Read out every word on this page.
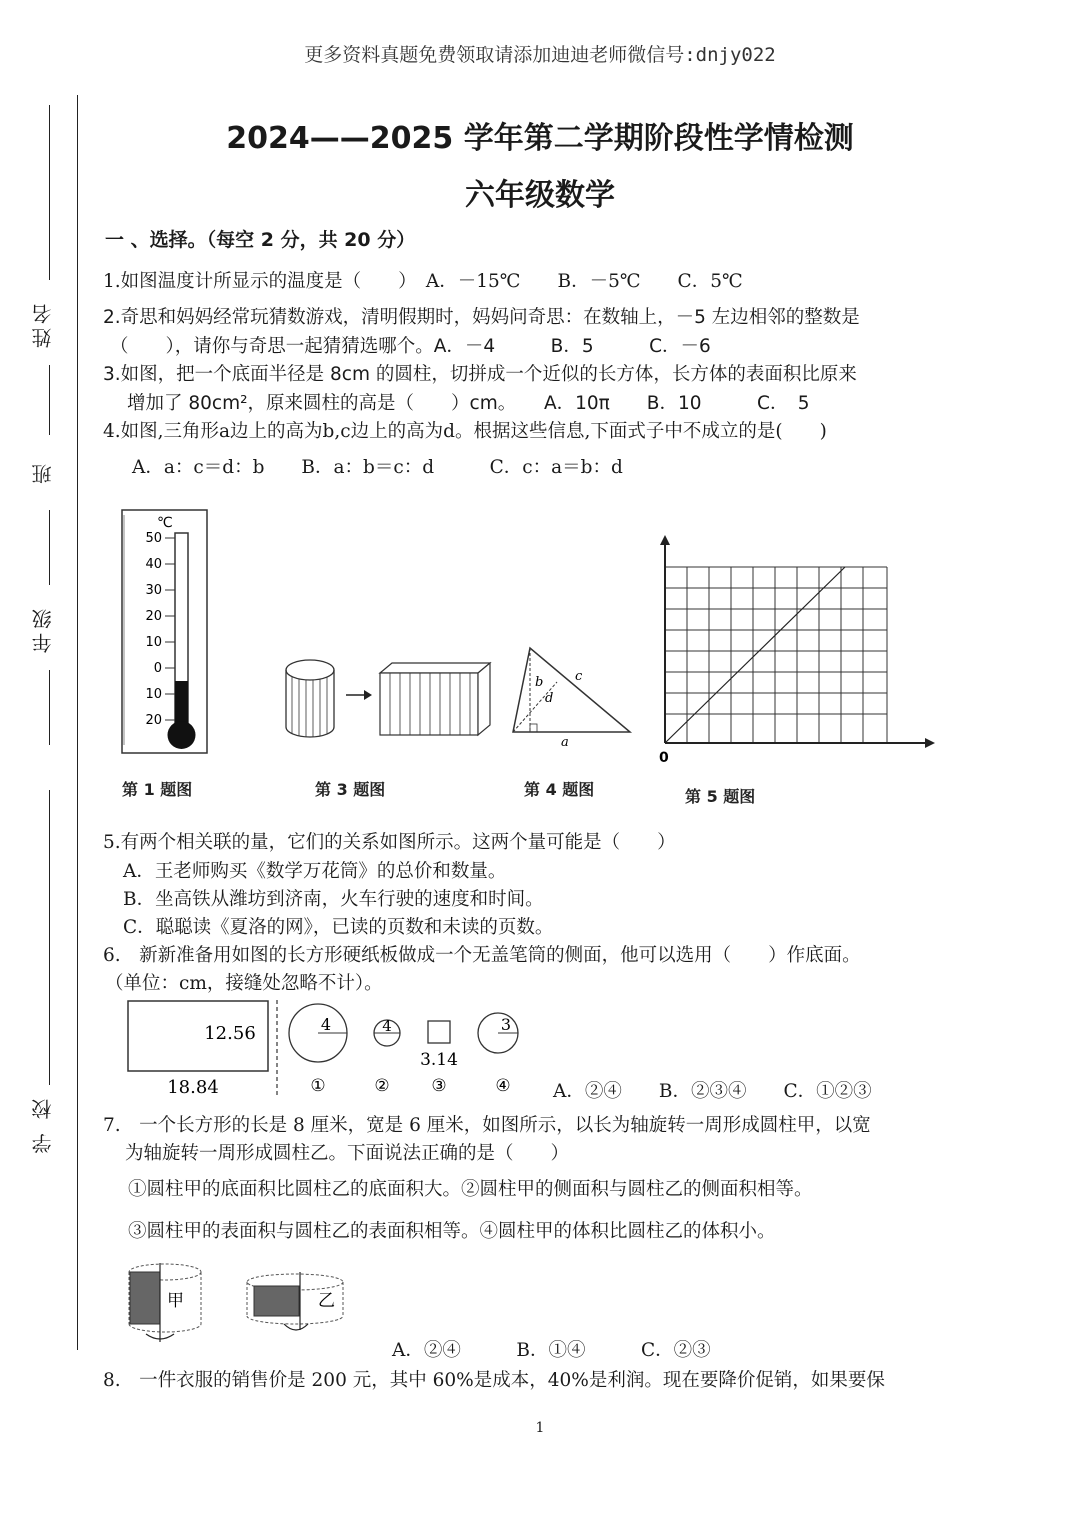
更多资料真题免费领取请添加迪迪老师微信号:dnjy022
姓名
班
年级
学 校
2024——2025 学年第二学期阶段性学情检测
六年级数学
一 、选择。（每空 2 分，共 20 分）
1.如图温度计所显示的温度是（　　）　A．－15℃　　B．－5℃　　C．5℃
2.奇思和妈妈经常玩猜数游戏，清明假期时，妈妈问奇思：在数轴上，－5 左边相邻的整数是
（　　），请你与奇思一起猜猜选哪个。A．－4　　　B．5　　　C．－6
3.如图，把一个底面半径是 8cm 的圆柱，切拼成一个近似的长方体，长方体的表面积比原来
增加了 80cm²，原来圆柱的高是（　　）cm。　　A．10π　　B．10　　　C．　5
4.如图,三角形a边上的高为b,c边上的高为d。根据这些信息,下面式子中不成立的是(　　)
A．a：c＝d：b　　B．a：b＝c：d　　　C．c：a＝b：d
℃
50
40
30
20
10
0
10
20
第 1 题图	第 3 题图
b c
d
a
第 4 题图
0
第 5 题图
5.有两个相关联的量，它们的关系如图所示。这两个量可能是（　　）
A．王老师购买《数学万花筒》的总价和数量。
B．坐高铁从潍坊到济南，火车行驶的速度和时间。
C．聪聪读《夏洛的网》，已读的页数和未读的页数。
6.　新新准备用如图的长方形硬纸板做成一个无盖笔筒的侧面，他可以选用（　　）作底面。
（单位：cm，接缝处忽略不计）。
12.56
18.84
4	4
3.14
3
①	② ③	④ A．②④　　B．②③④　　C．①②③
7.　一个长方形的长是 8 厘米，宽是 6 厘米，如图所示，以长为轴旋转一周形成圆柱甲，以宽
为轴旋转一周形成圆柱乙。下面说法正确的是（　　）
①圆柱甲的底面积比圆柱乙的底面积大。②圆柱甲的侧面积与圆柱乙的侧面积相等。
③圆柱甲的表面积与圆柱乙的表面积相等。④圆柱甲的体积比圆柱乙的体积小。
甲	乙
A．②④　　　B．①④　　　C．②③
8.　一件衣服的销售价是 200 元，其中 60%是成本，40%是利润。现在要降价促销，如果要保
1
